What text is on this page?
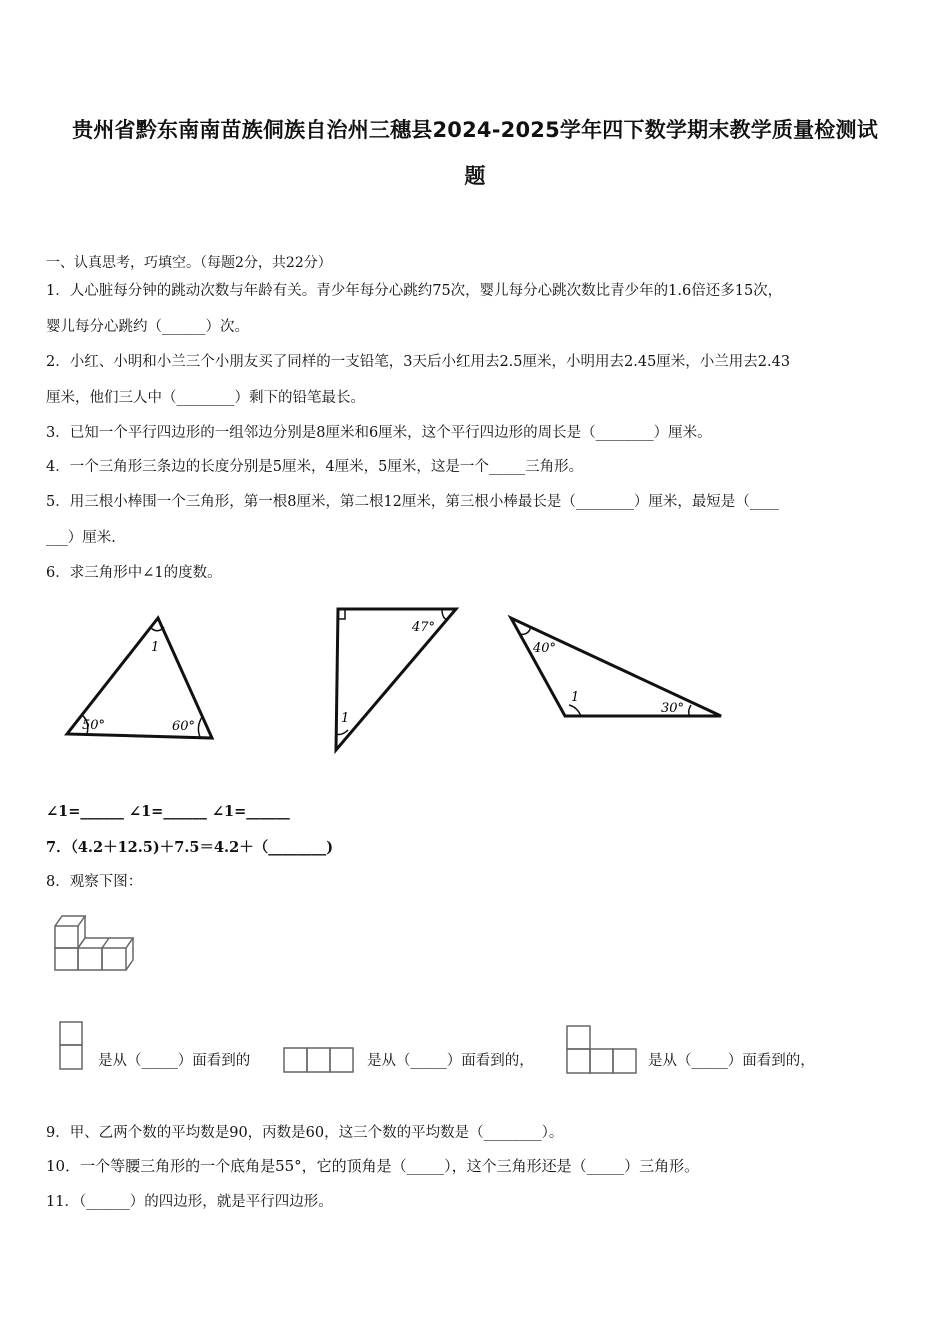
贵州省黔东南南苗族侗族自治州三穗县2024-2025学年四下数学期末教学质量检测试
题
一、认真思考，巧填空。（每题2分，共22分）
1．人心脏每分钟的跳动次数与年龄有关。青少年每分心跳约75次，婴儿每分心跳次数比青少年的1.6倍还多15次，
婴儿每分心跳约（______）次。
2．小红、小明和小兰三个小朋友买了同样的一支铅笔，3天后小红用去2.5厘米，小明用去2.45厘米，小兰用去2.43
厘米，他们三人中（________）剩下的铅笔最长。
3．已知一个平行四边形的一组邻边分别是8厘米和6厘米，这个平行四边形的周长是（________）厘米。
4．一个三角形三条边的长度分别是5厘米，4厘米，5厘米，这是一个_____三角形。
5．用三根小棒围一个三角形，第一根8厘米，第二根12厘米，第三根小棒最长是（________）厘米，最短是（____
___）厘米.
6．求三角形中∠1的度数。
1
50°	60°
47°
1
40°
1
30°
∠1=______ ∠1=______ ∠1=______
7．（4.2＋12.5)＋7.5＝4.2＋（________)
8．观察下图：
是从（_____）面看到的	是从（_____）面看到的，	是从（_____）面看到的，
9．甲、乙两个数的平均数是90，丙数是60，这三个数的平均数是（________）。
10．一个等腰三角形的一个底角是55°，它的顶角是（_____），这个三角形还是（_____）三角形。
11．（______）的四边形，就是平行四边形。
